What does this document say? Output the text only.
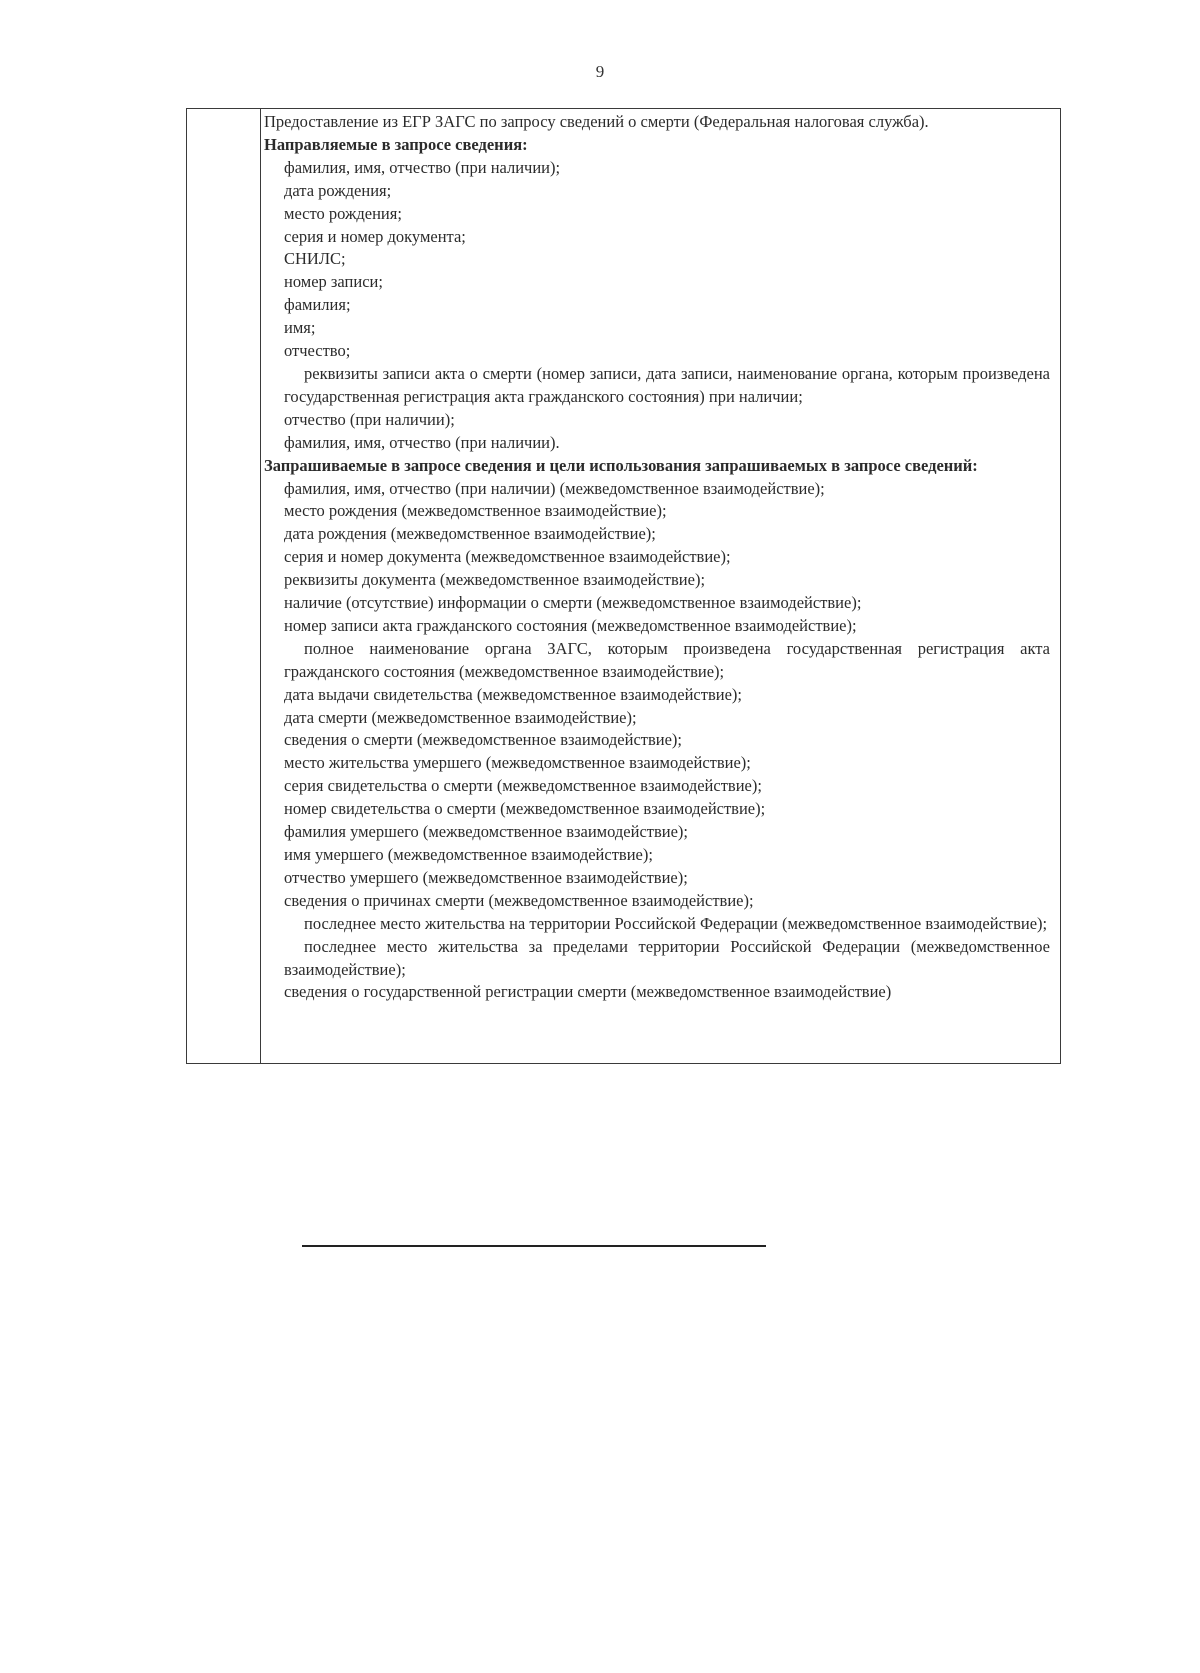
9
Предоставление из ЕГР ЗАГС по запросу сведений о смерти (Федеральная налоговая служба).
Направляемые в запросе сведения:
фамилия, имя, отчество (при наличии);
дата рождения;
место рождения;
серия и номер документа;
СНИЛС;
номер записи;
фамилия;
имя;
отчество;
реквизиты записи акта о смерти (номер записи, дата записи, наименование органа, которым произведена государственная регистрация акта гражданского состояния) при наличии;
отчество (при наличии);
фамилия, имя, отчество (при наличии).
Запрашиваемые в запросе сведения и цели использования запрашиваемых в запросе сведений:
фамилия, имя, отчество (при наличии) (межведомственное взаимодействие);
место рождения (межведомственное взаимодействие);
дата рождения (межведомственное взаимодействие);
серия и номер документа (межведомственное взаимодействие);
реквизиты документа (межведомственное взаимодействие);
наличие (отсутствие) информации о смерти (межведомственное взаимодействие);
номер записи акта гражданского состояния (межведомственное взаимодействие);
полное наименование органа ЗАГС, которым произведена государственная регистрация акта гражданского состояния (межведомственное взаимодействие);
дата выдачи свидетельства (межведомственное взаимодействие);
дата смерти (межведомственное взаимодействие);
сведения о смерти (межведомственное взаимодействие);
место жительства умершего (межведомственное взаимодействие);
серия свидетельства о смерти (межведомственное взаимодействие);
номер свидетельства о смерти (межведомственное взаимодействие);
фамилия умершего (межведомственное взаимодействие);
имя умершего (межведомственное взаимодействие);
отчество умершего (межведомственное взаимодействие);
сведения о причинах смерти (межведомственное взаимодействие);
последнее место жительства на территории Российской Федерации (межведомственное взаимодействие);
последнее место жительства за пределами территории Российской Федерации (межведомственное взаимодействие);
сведения о государственной регистрации смерти (межведомственное взаимодействие)
